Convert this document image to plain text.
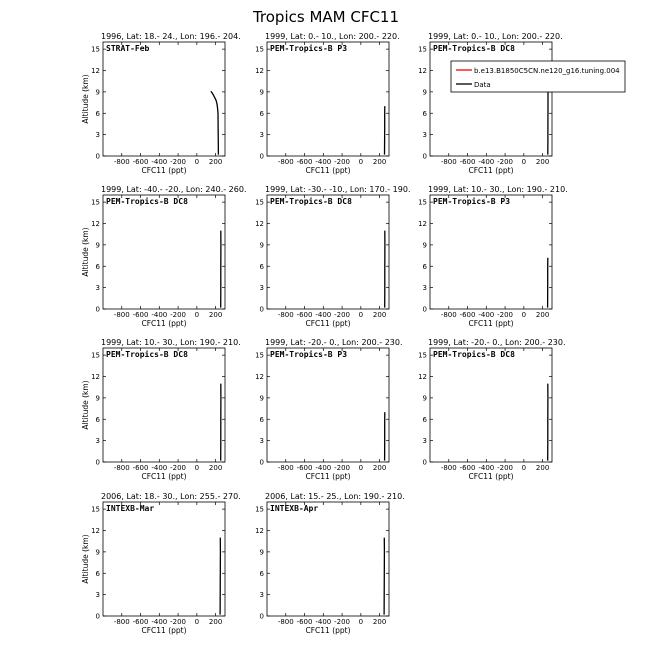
Tropics MAM CFC11
1996, Lat: 18.- 24., Lon: 196.- 204.
STRAT-Feb
-800 -600 -400 -200 0 200
0
3
6
9
12
15
CFC11 (ppt)
Altitude (km)
1999, Lat: 0.- 10., Lon: 200.- 220.
PEM-Tropics-B P3
-800 -600 -400 -200 0 200
0
3
6
9
12
15
CFC11 (ppt)
1999, Lat: 0.- 10., Lon: 200.- 220.
PEM-Tropics-B DC8
-800 -600 -400 -200 0 200
0
3
6
9
12
15
CFC11 (ppt)
1999, Lat: -40.- -20., Lon: 240.- 260.
PEM-Tropics-B DC8
-800 -600 -400 -200 0 200
0
3
6
9
12
15
CFC11 (ppt)
Altitude (km)
1999, Lat: -30.- -10., Lon: 170.- 190.
PEM-Tropics-B DC8
-800 -600 -400 -200 0 200
0
3
6
9
12
15
CFC11 (ppt)
1999, Lat: 10.- 30., Lon: 190.- 210.
PEM-Tropics-B P3
-800 -600 -400 -200 0 200
0
3
6
9
12
15
CFC11 (ppt)
1999, Lat: 10.- 30., Lon: 190.- 210.
PEM-Tropics-B DC8
-800 -600 -400 -200 0 200
0
3
6
9
12
15
CFC11 (ppt)
Altitude (km)
1999, Lat: -20.- 0., Lon: 200.- 230.
PEM-Tropics-B P3
-800 -600 -400 -200 0 200
0
3
6
9
12
15
CFC11 (ppt)
1999, Lat: -20.- 0., Lon: 200.- 230.
PEM-Tropics-B DC8
-800 -600 -400 -200 0 200
0
3
6
9
12
15
CFC11 (ppt)
2006, Lat: 18.- 30., Lon: 255.- 270.
INTEXB-Mar
-800 -600 -400 -200 0 200
0
3
6
9
12
15
CFC11 (ppt)
Altitude (km)
2006, Lat: 15.- 25., Lon: 190.- 210.
INTEXB-Apr
-800 -600 -400 -200 0 200
0
3
6
9
12
15
CFC11 (ppt)
b.e13.B1850C5CN.ne120_g16.tuning.004
Data
